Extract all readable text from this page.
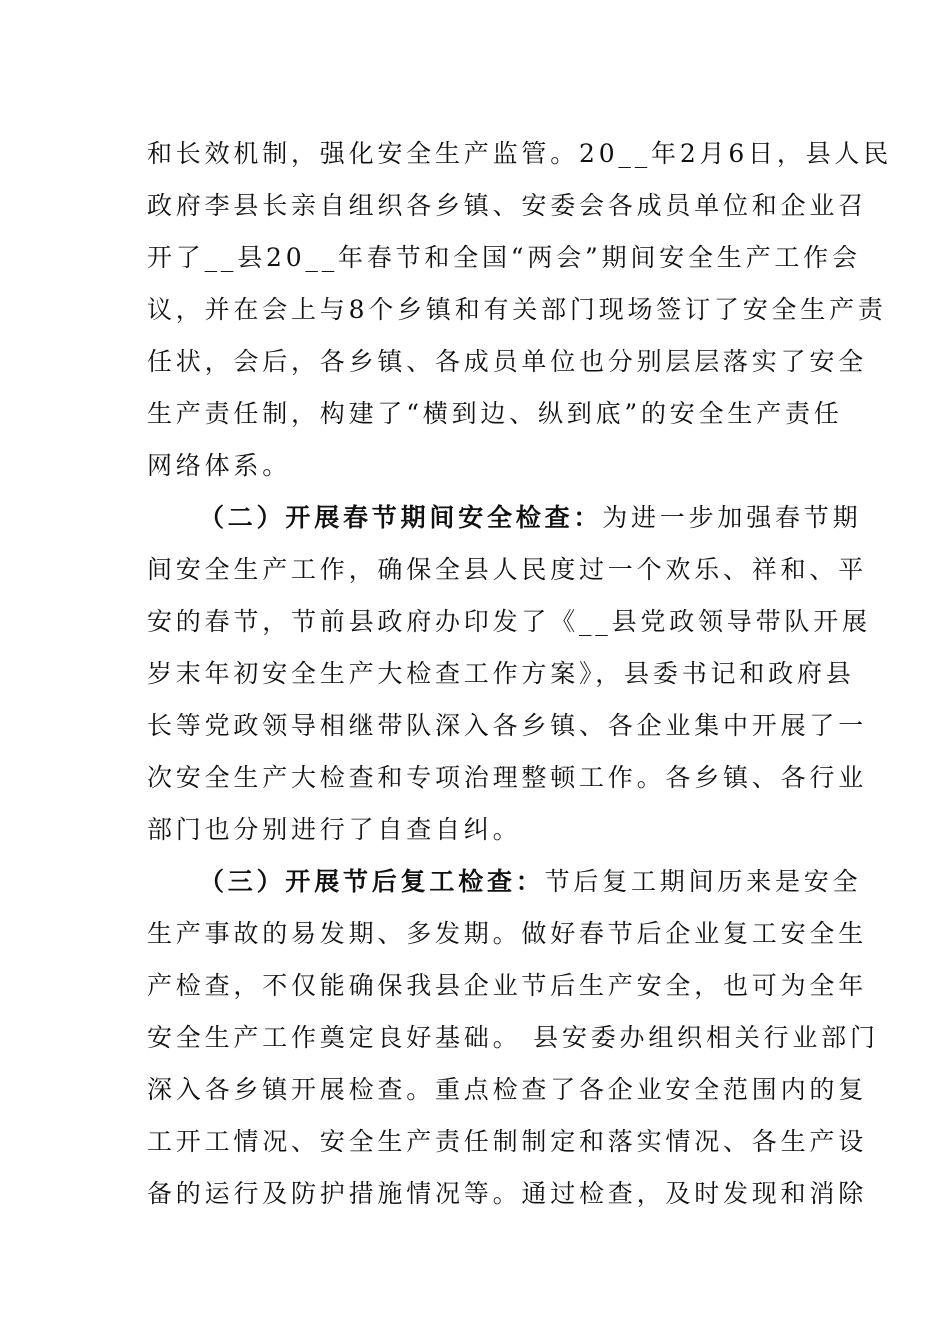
和长效机制，强化安全生产监管。20__年2月6日，县人民
政府李县长亲自组织各乡镇、安委会各成员单位和企业召
开了__县20__年春节和全国“两会”期间安全生产工作会
议，并在会上与8个乡镇和有关部门现场签订了安全生产责
任状，会后，各乡镇、各成员单位也分别层层落实了安全
生产责任制，构建了“横到边、纵到底”的安全生产责任
网络体系。
（二）开展春节期间安全检查：为进一步加强春节期
间安全生产工作，确保全县人民度过一个欢乐、祥和、平
安的春节，节前县政府办印发了《__县党政领导带队开展
岁末年初安全生产大检查工作方案》，县委书记和政府县
长等党政领导相继带队深入各乡镇、各企业集中开展了一
次安全生产大检查和专项治理整顿工作。各乡镇、各行业
部门也分别进行了自查自纠。
（三）开展节后复工检查：节后复工期间历来是安全
生产事故的易发期、多发期。做好春节后企业复工安全生
产检查，不仅能确保我县企业节后生产安全，也可为全年
安全生产工作奠定良好基础。 县安委办组织相关行业部门
深入各乡镇开展检查。重点检查了各企业安全范围内的复
工开工情况、安全生产责任制制定和落实情况、各生产设
备的运行及防护措施情况等。通过检查，及时发现和消除
